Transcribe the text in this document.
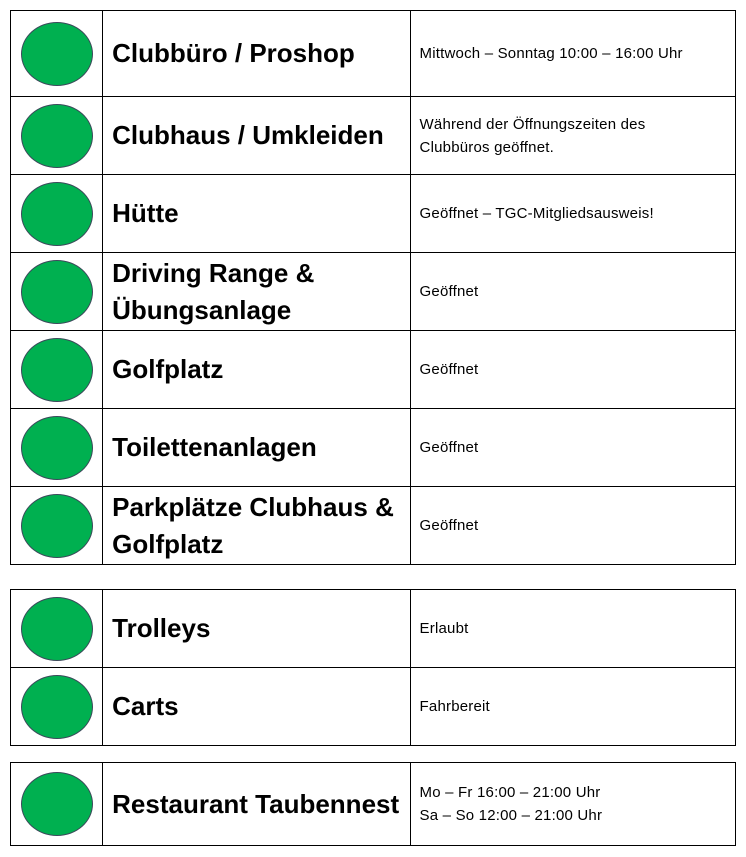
	Clubbüro / Proshop	Mittwoch – Sonntag 10:00 – 16:00 Uhr

	Clubhaus / Umkleiden	Während der Öffnungszeiten des
Clubbüros geöffnet.

	Hütte	Geöffnet – TGC-Mitgliedsausweis!

	Driving Range & Übungsanlage	Geöffnet

	Golfplatz	Geöffnet

	Toilettenanlagen	Geöffnet

	Parkplätze Clubhaus & Golfplatz	Geöffnet
	Trolleys	Erlaubt

	Carts	Fahrbereit
	Restaurant Taubennest	Mo – Fr 16:00 – 21:00 Uhr
Sa – So 12:00 – 21:00 Uhr
